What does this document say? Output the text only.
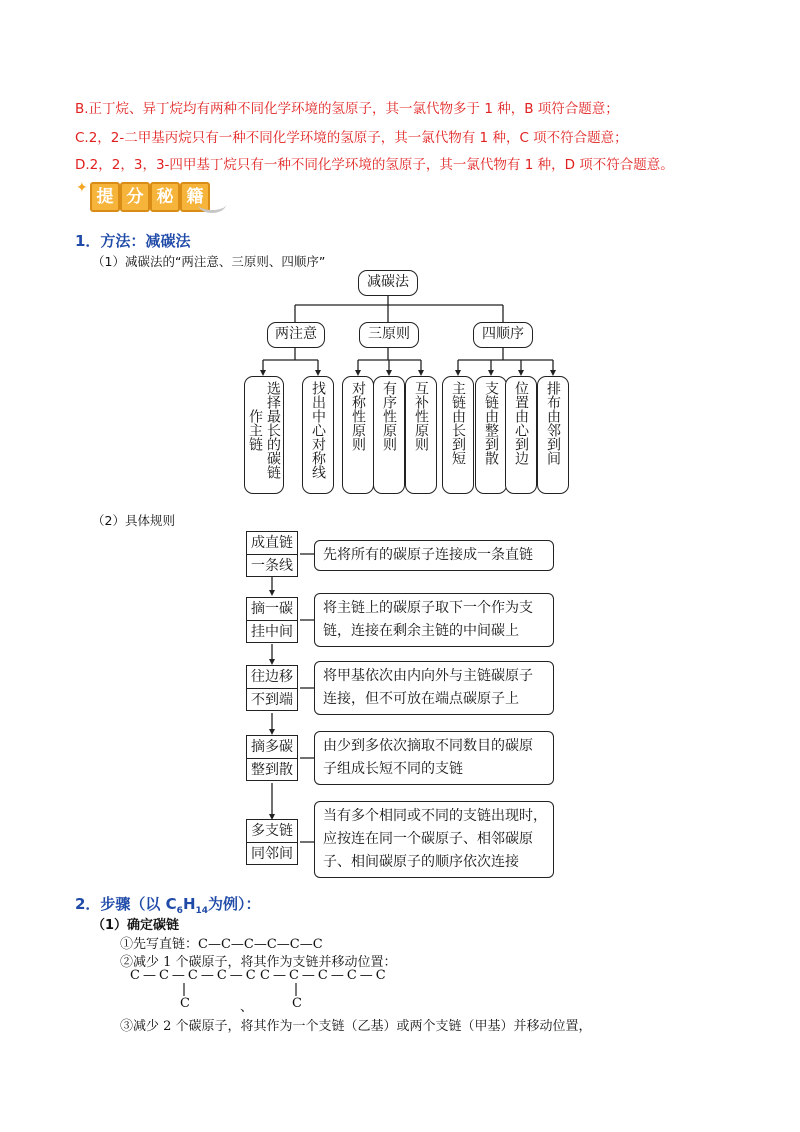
B.正丁烷、异丁烷均有两种不同化学环境的氢原子，其一氯代物多于 1 种，B 项符合题意；
C.2，2-二甲基丙烷只有一种不同化学环境的氢原子，其一氯代物有 1 种，C 项不符合题意；
D.2，2，3，3-四甲基丁烷只有一种不同化学环境的氢原子，其一氯代物有 1 种，D 项不符合题意。
✦ 提 分 秘 籍
1．方法：减碳法
（1）减碳法的“两注意、三原则、四顺序”
减碳法
两注意	三原则	四顺序
作主链 选择最长的碳链	找出中心对称线	对称性原则	有序性原则	互补性原则	主链由长到短	支链由整到散	位置由心到边	排布由邻到间
（2）具体规则
成直链
一条线
先将所有的碳原子连接成一条直链
摘一碳
挂中间
将主链上的碳原子取下一个作为支
链，连接在剩余主链的中间碳上
往边移
不到端
将甲基依次由内向外与主链碳原子
连接，但不可放在端点碳原子上
摘多碳
整到散
由少到多依次摘取不同数目的碳原
子组成长短不同的支链
多支链
同邻间
当有多个相同或不同的支链出现时，
应按连在同一个碳原子、相邻碳原
子、相间碳原子的顺序依次连接
2．步骤（以 $C_6H_{14}$为例）：
（1）确定碳链
①先写直链：C—C—C—C—C—C
②减少 1 个碳原子，将其作为支链并移动位置：
C—C—C—C—C C—C—C—C—C
C	、	C
③减少 2 个碳原子，将其作为一个支链（乙基）或两个支链（甲基）并移动位置，
